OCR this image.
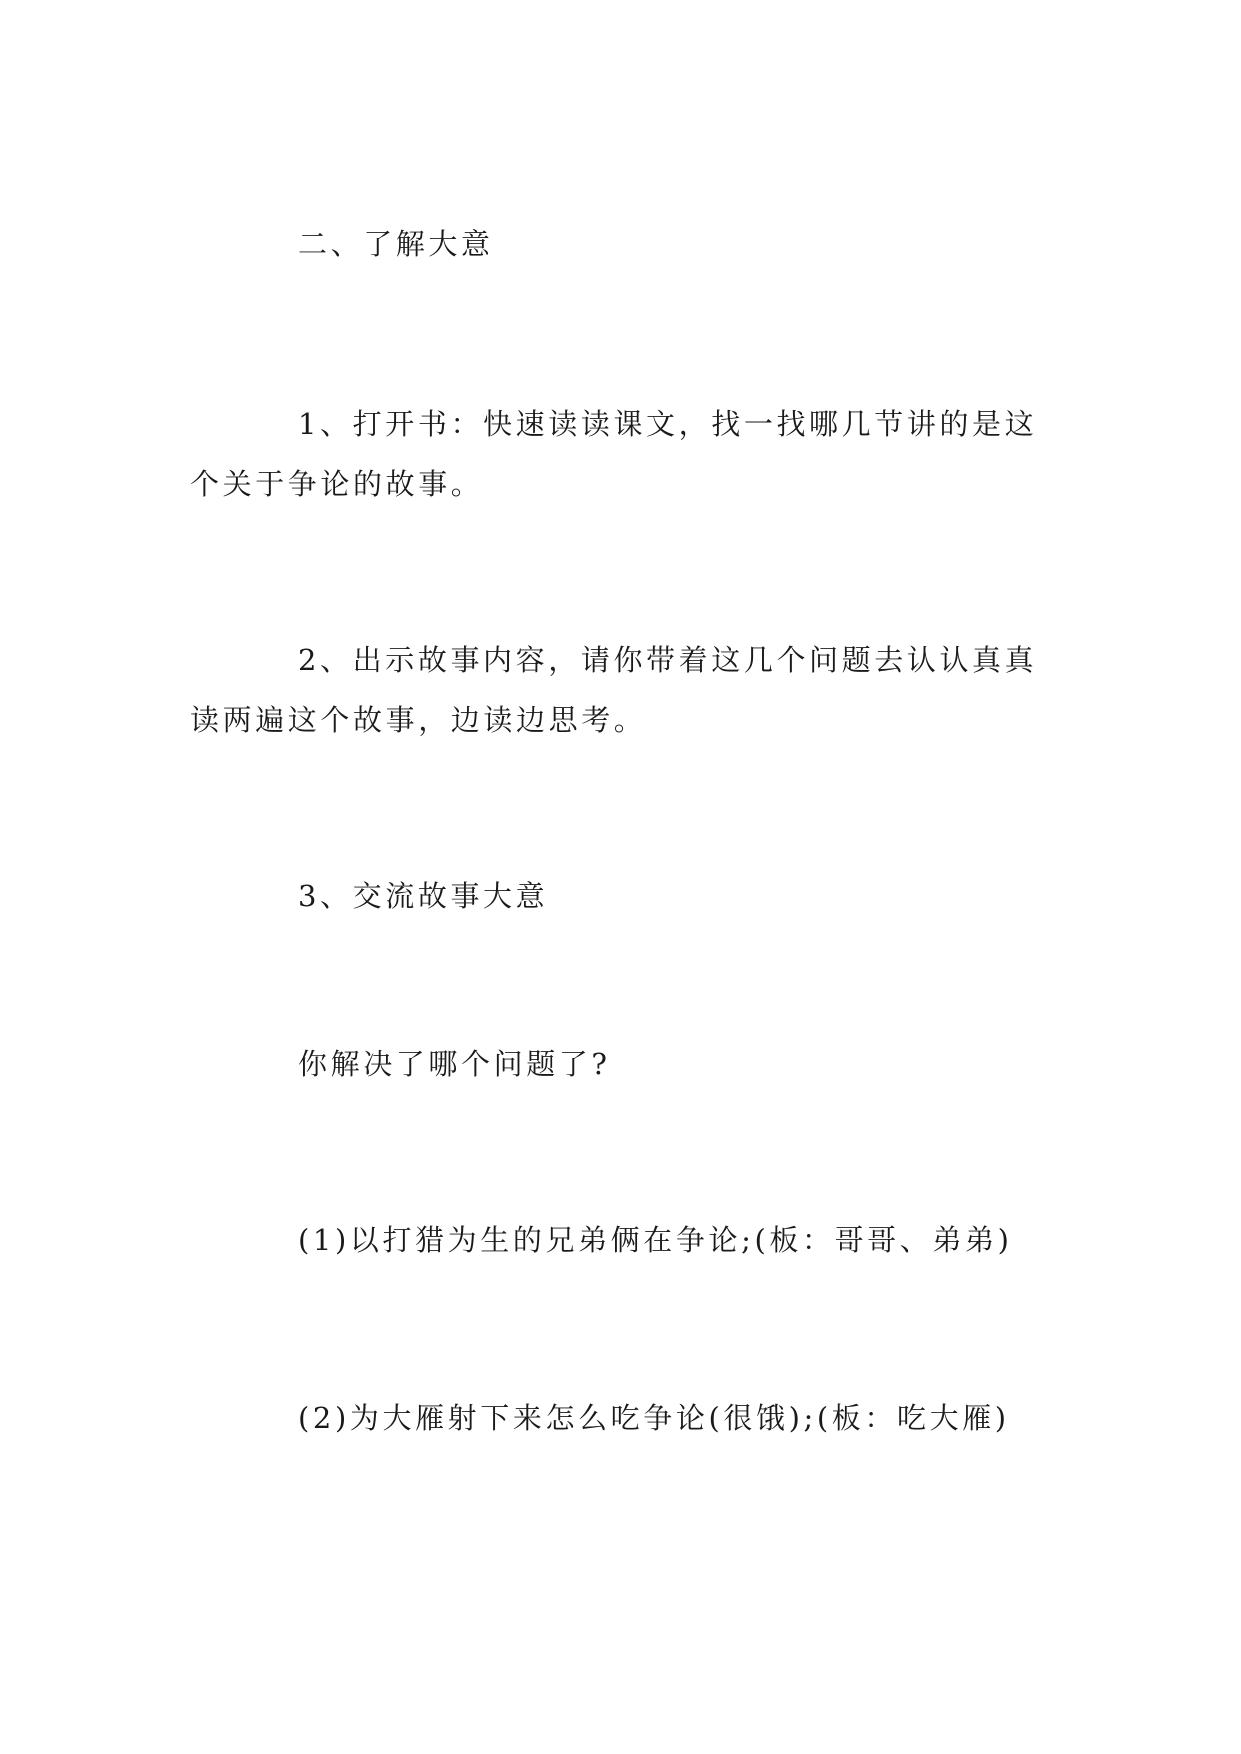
二、了解大意

1、打开书：快速读读课文，找一找哪几节讲的是这个关于争论的故事。

2、出示故事内容，请你带着这几个问题去认认真真读两遍这个故事，边读边思考。

3、交流故事大意

你解决了哪个问题了?

(1)以打猎为生的兄弟俩在争论;(板：哥哥、弟弟)

(2)为大雁射下来怎么吃争论(很饿);(板：吃大雁)
